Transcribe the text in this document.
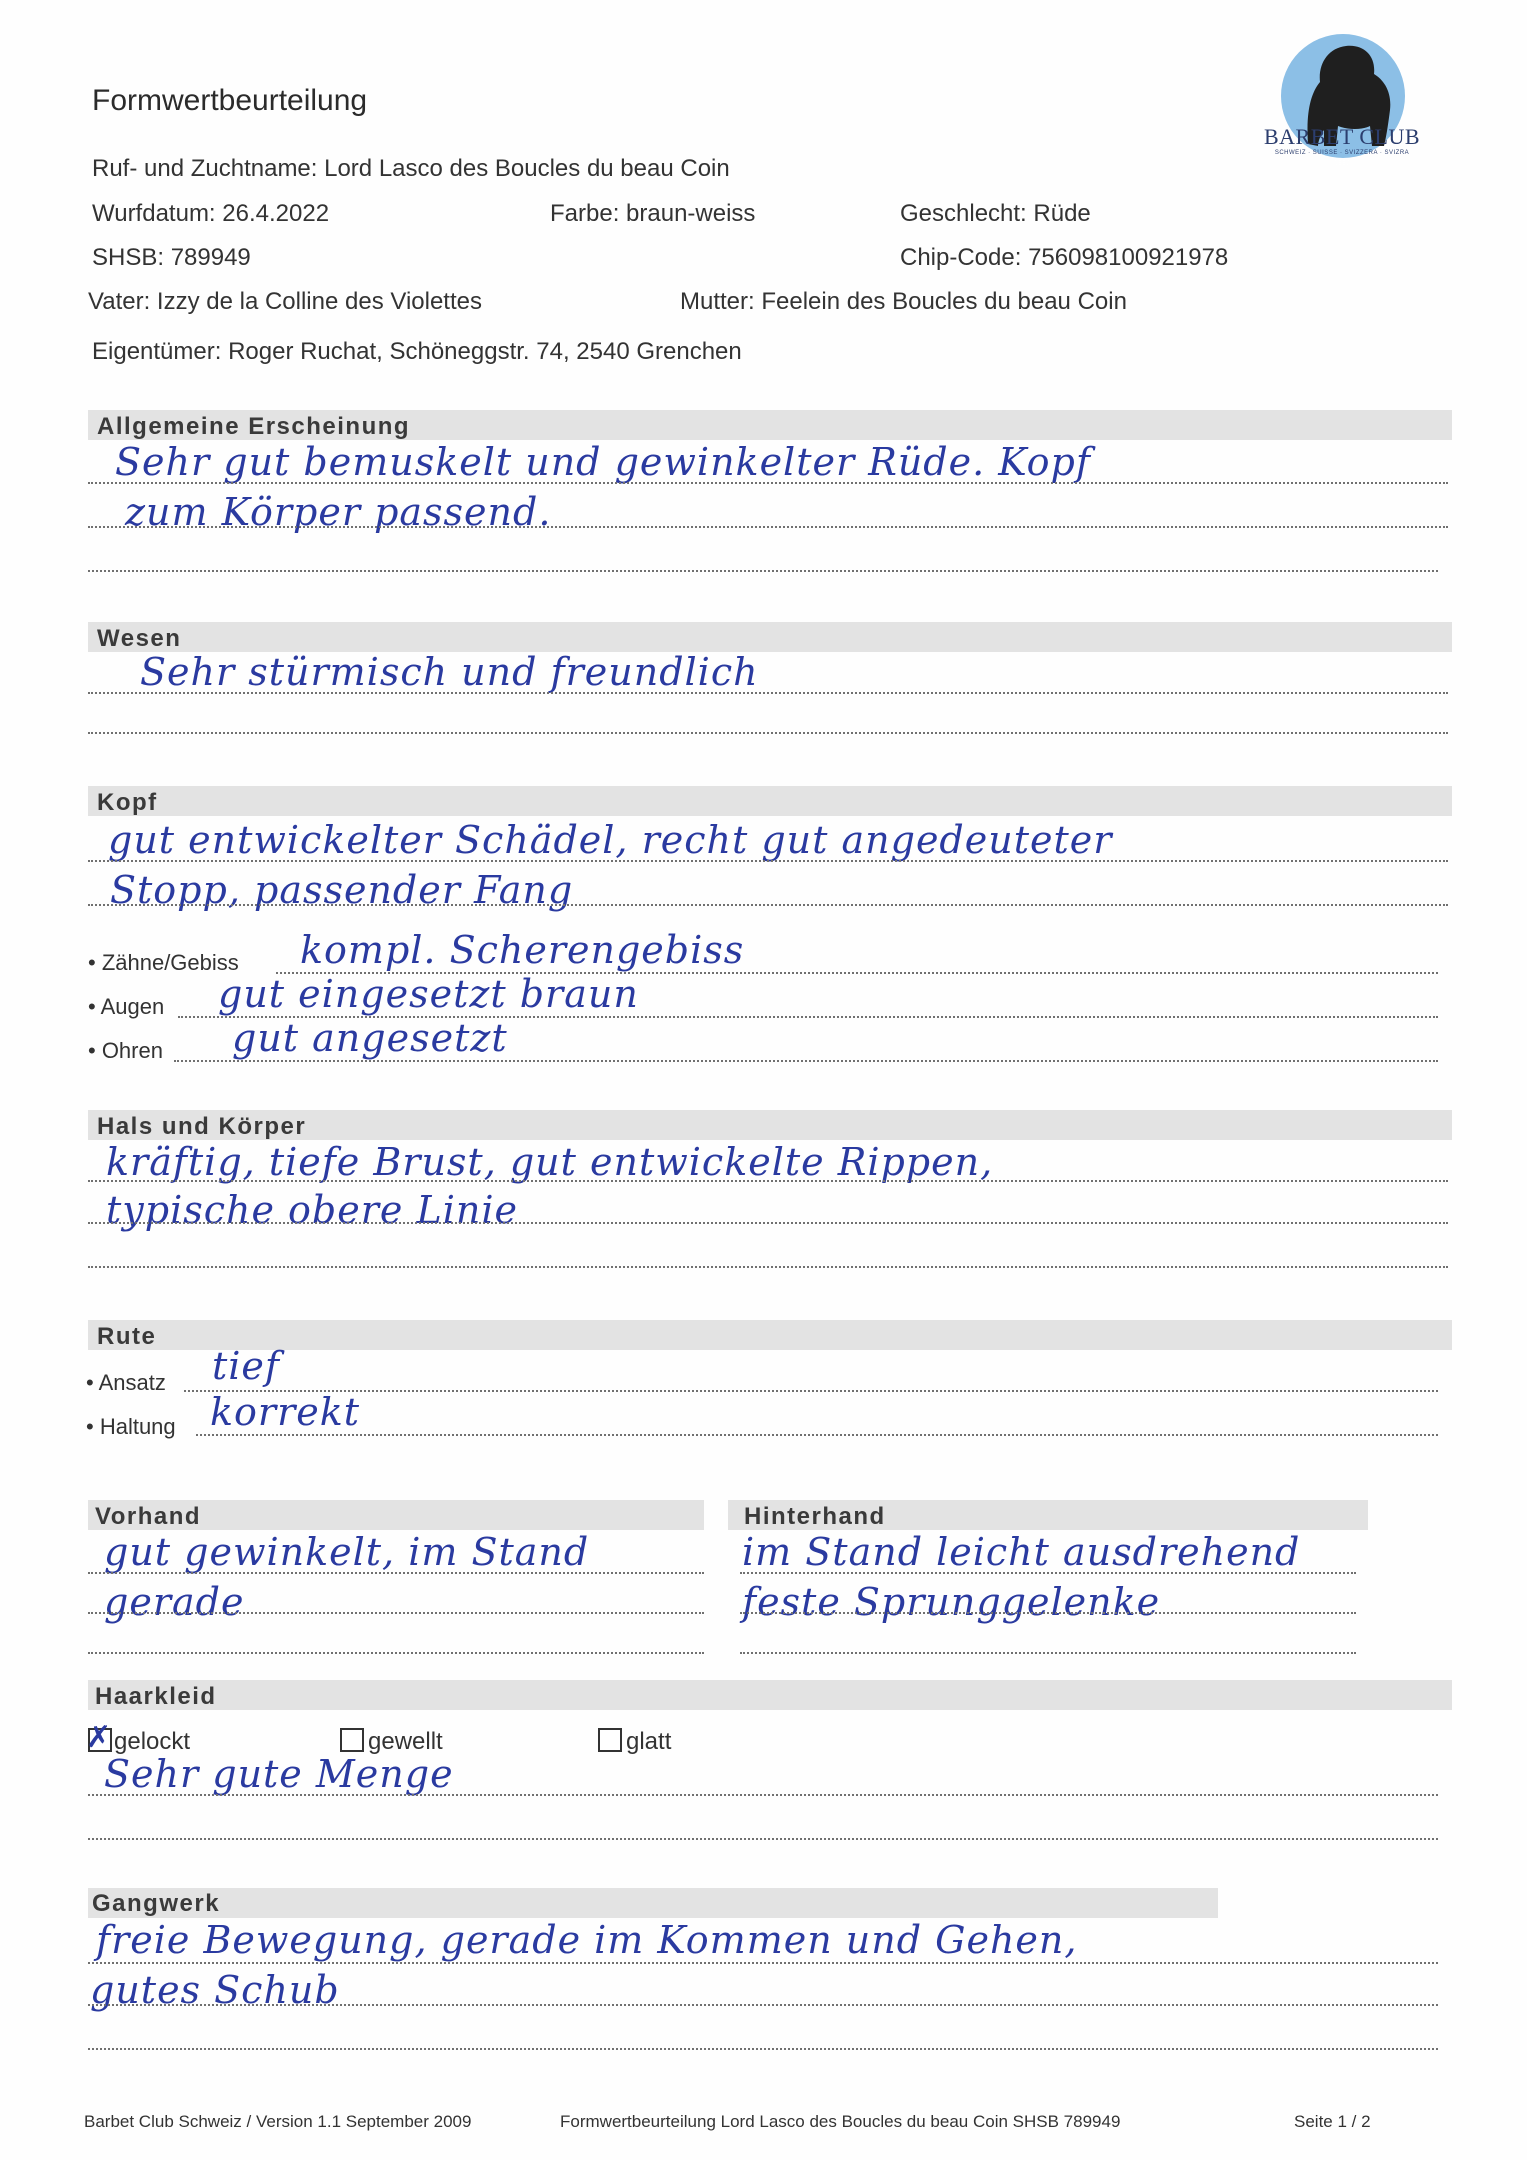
Formwertbeurteilung
BARBET CLUB
SCHWEIZ · SUISSE · SVIZZERA · SVIZRA
1997
Ruf- und Zuchtname: Lord Lasco des Boucles du beau Coin
Wurfdatum: 26.4.2022	Farbe: braun-weiss	Geschlecht: Rüde
SHSB: 789949	Chip-Code: 756098100921978
Vater: Izzy de la Colline des Violettes	Mutter: Feelein des Boucles du beau Coin
Eigentümer: Roger Ruchat, Schöneggstr. 74, 2540 Grenchen
Allgemeine Erscheinung
Sehr gut bemuskelt und gewinkelter Rüde. Kopf
zum Körper passend.
Wesen
Sehr stürmisch und freundlich
Kopf
gut entwickelter Schädel, recht gut angedeuteter
Stopp, passender Fang
• Zähne/Gebiss kompl. Scherengebiss
• Augen gut eingesetzt braun
• Ohren gut angesetzt
Hals und Körper
kräftig, tiefe Brust, gut entwickelte Rippen,
typische obere Linie
Rute
• Ansatz tief
• Haltung korrekt
Vorhand
gut gewinkelt, im Stand
gerade
Hinterhand
im Stand leicht ausdrehend
feste Sprunggelenke
Haarkleid
✗ gelockt	gewellt	glatt
Sehr gute Menge
Gangwerk
freie Bewegung, gerade im Kommen und Gehen,
gutes Schub
Barbet Club Schweiz / Version 1.1 September 2009	Formwertbeurteilung Lord Lasco des Boucles du beau Coin SHSB 789949	Seite 1 / 2
